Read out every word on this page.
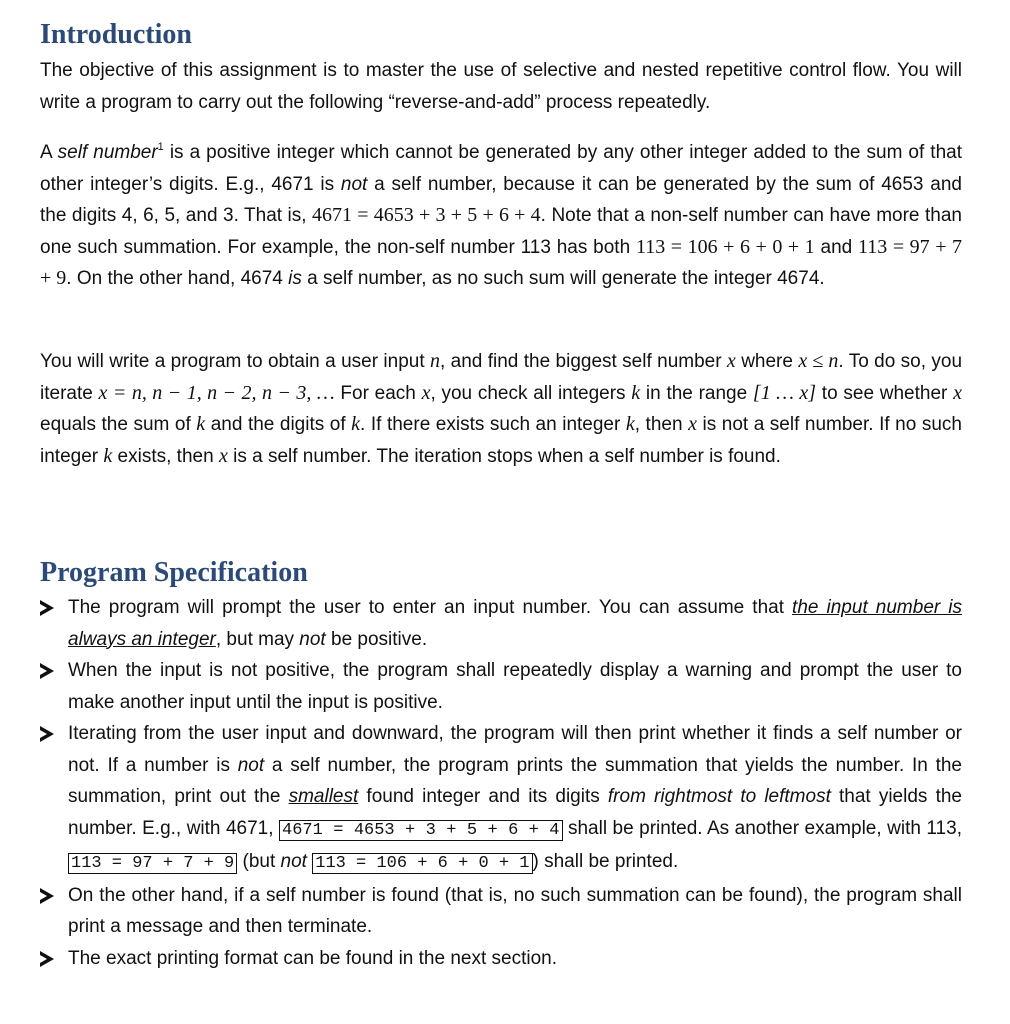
Introduction

The objective of this assignment is to master the use of selective and nested repetitive control flow. You will write a program to carry out the following “reverse-and-add” process repeatedly.

A self number$^1$ is a positive integer which cannot be generated by any other integer added to the sum of that other integer’s digits. E.g., 4671 is not a self number, because it can be generated by the sum of 4653 and the digits 4, 6, 5, and 3. That is, 4671 = 4653 + 3 + 5 + 6 + 4. Note that a non-self number can have more than one such summation. For example, the non-self number 113 has both 113 = 106 + 6 + 0 + 1 and 113 = 97 + 7 + 9. On the other hand, 4674 is a self number, as no such sum will generate the integer 4674.

You will write a program to obtain a user input n, and find the biggest self number x where x ≤ n. To do so, you iterate x = n, n − 1, n − 2, n − 3, … For each x, you check all integers k in the range [1 … x] to see whether x equals the sum of k and the digits of k. If there exists such an integer k, then x is not a self number. If no such integer k exists, then x is a self number. The iteration stops when a self number is found.

Program Specification
The program will prompt the user to enter an input number. You can assume that the input number is always an integer, but may not be positive.
When the input is not positive, the program shall repeatedly display a warning and prompt the user to make another input until the input is positive.
Iterating from the user input and downward, the program will then print whether it finds a self number or not. If a number is not a self number, the program prints the summation that yields the number. In the summation, print out the smallest found integer and its digits from rightmost to leftmost that yields the number. E.g., with 4671, 4671 = 4653 + 3 + 5 + 6 + 4 shall be printed. As another example, with 113, 113 = 97 + 7 + 9 (but not 113 = 106 + 6 + 0 + 1 ) shall be printed.
On the other hand, if a self number is found (that is, no such summation can be found), the program shall print a message and then terminate.
The exact printing format can be found in the next section.
